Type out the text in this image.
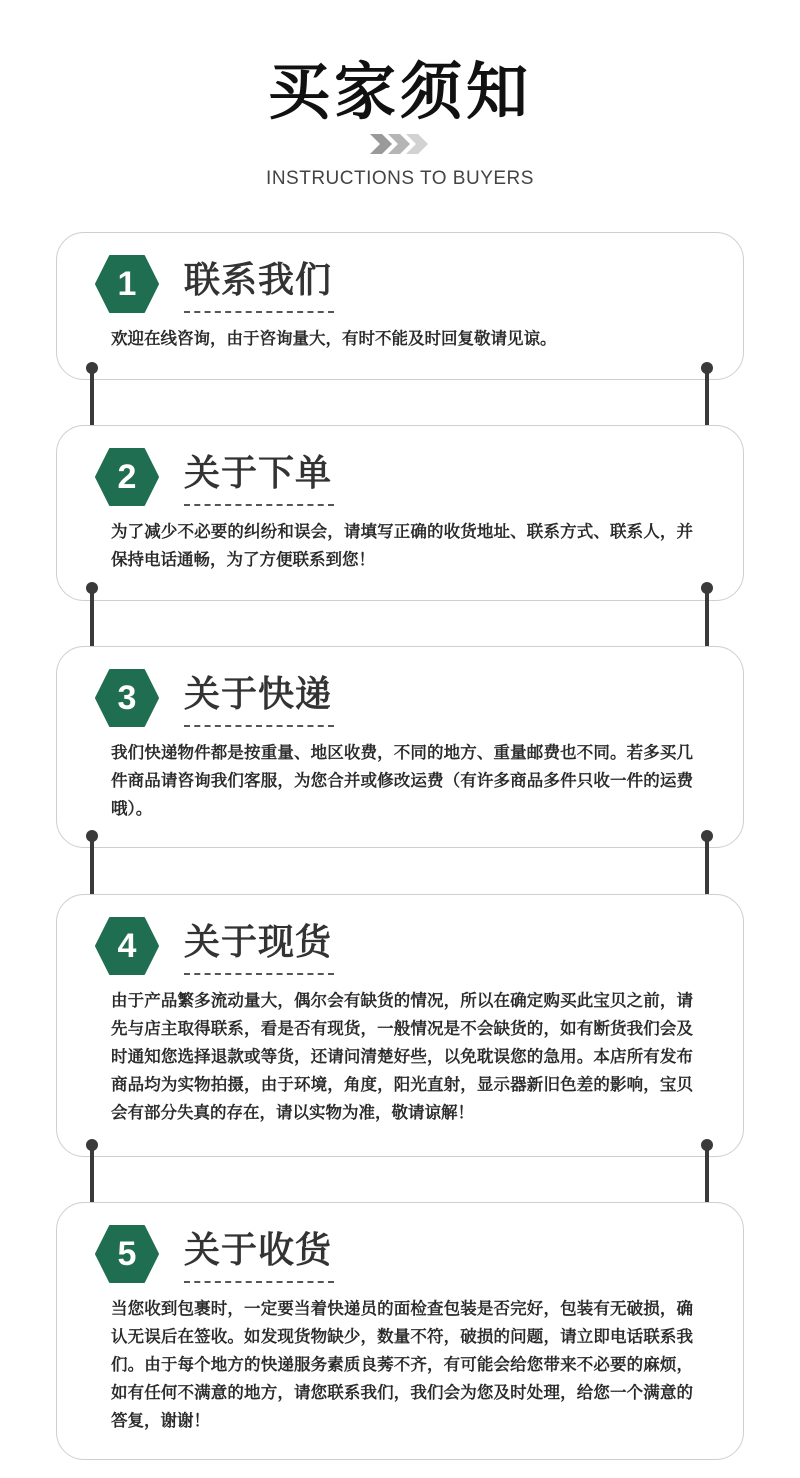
买家须知
INSTRUCTIONS TO BUYERS
1	联系我们
欢迎在线咨询，由于咨询量大，有时不能及时回复敬请见谅。
2	关于下单
为了减少不必要的纠纷和误会，请填写正确的收货地址、联系方式、联系人，并保持电话通畅，为了方便联系到您！
3	关于快递
我们快递物件都是按重量、地区收费，不同的地方、重量邮费也不同。若多买几件商品请咨询我们客服，为您合并或修改运费（有许多商品多件只收一件的运费哦）。
4	关于现货
由于产品繁多流动量大，偶尔会有缺货的情况，所以在确定购买此宝贝之前，请先与店主取得联系，看是否有现货，一般情况是不会缺货的，如有断货我们会及时通知您选择退款或等货，还请问清楚好些，以免耽误您的急用。本店所有发布商品均为实物拍摄，由于环境，角度，阳光直射，显示器新旧色差的影响，宝贝会有部分失真的存在，请以实物为准，敬请谅解！
5	关于收货
当您收到包裹时，一定要当着快递员的面检查包装是否完好，包装有无破损，确认无误后在签收。如发现货物缺少，数量不符，破损的问题，请立即电话联系我们。由于每个地方的快递服务素质良莠不齐，有可能会给您带来不必要的麻烦，如有任何不满意的地方，请您联系我们，我们会为您及时处理，给您一个满意的答复，谢谢！
